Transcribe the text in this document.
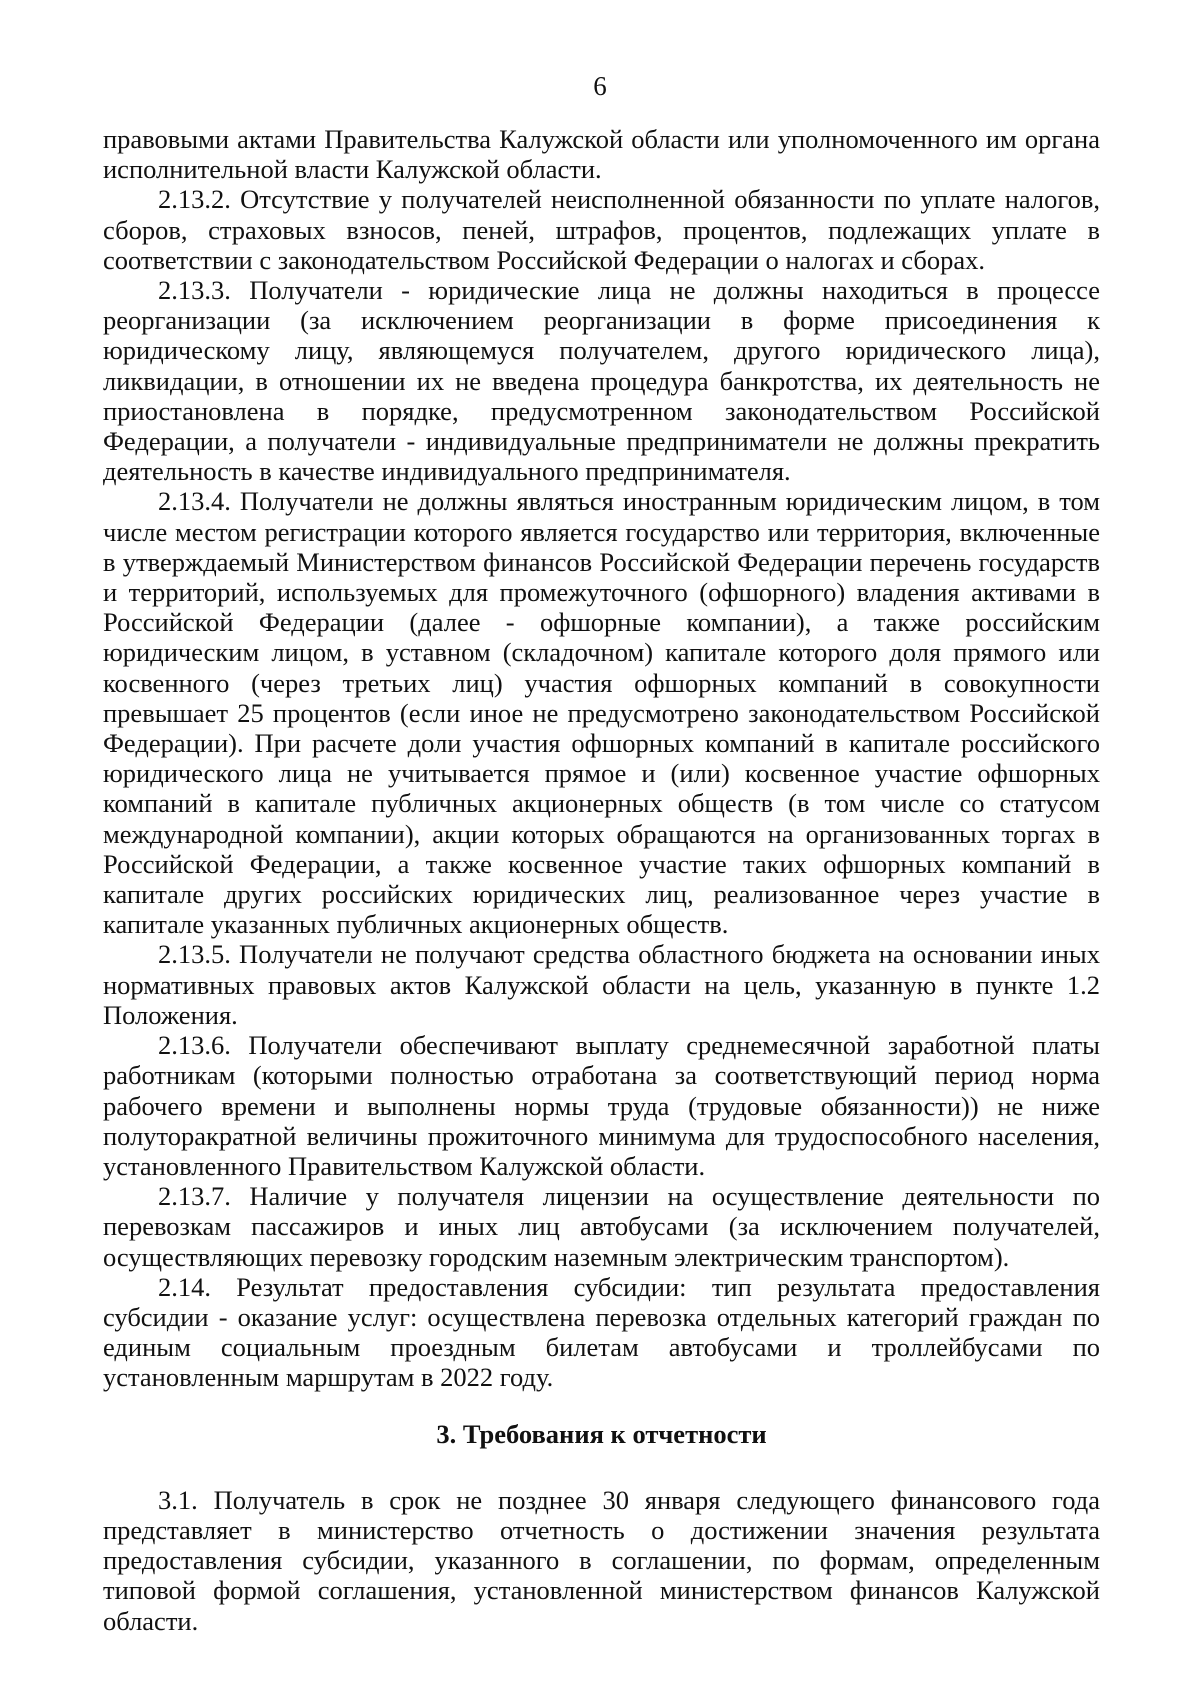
6

правовыми актами Правительства Калужской области или уполномоченного им органа исполнительной власти Калужской области.

2.13.2. Отсутствие у получателей неисполненной обязанности по уплате налогов, сборов, страховых взносов, пеней, штрафов, процентов, подлежащих уплате в соответствии с законодательством Российской Федерации о налогах и сборах.

2.13.3. Получатели - юридические лица не должны находиться в процессе реорганизации (за исключением реорганизации в форме присоединения к юридическому лицу, являющемуся получателем, другого юридического лица), ликвидации, в отношении их не введена процедура банкротства, их деятельность не приостановлена в порядке, предусмотренном законодательством Российской Федерации, а получатели - индивидуальные предприниматели не должны прекратить деятельность в качестве индивидуального предпринимателя.

2.13.4. Получатели не должны являться иностранным юридическим лицом, в том числе местом регистрации которого является государство или территория, включенные в утверждаемый Министерством финансов Российской Федерации перечень государств и территорий, используемых для промежуточного (офшорного) владения активами в Российской Федерации (далее - офшорные компании), а также российским юридическим лицом, в уставном (складочном) капитале которого доля прямого или косвенного (через третьих лиц) участия офшорных компаний в совокупности превышает 25 процентов (если иное не предусмотрено законодательством Российской Федерации). При расчете доли участия офшорных компаний в капитале российского юридического лица не учитывается прямое и (или) косвенное участие офшорных компаний в капитале публичных акционерных обществ (в том числе со статусом международной компании), акции которых обращаются на организованных торгах в Российской Федерации, а также косвенное участие таких офшорных компаний в капитале других российских юридических лиц, реализованное через участие в капитале указанных публичных акционерных обществ.

2.13.5. Получатели не получают средства областного бюджета на основании иных нормативных правовых актов Калужской области на цель, указанную в пункте 1.2 Положения.

2.13.6. Получатели обеспечивают выплату среднемесячной заработной платы работникам (которыми полностью отработана за соответствующий период норма рабочего времени и выполнены нормы труда (трудовые обязанности)) не ниже полуторакратной величины прожиточного минимума для трудоспособного населения, установленного Правительством Калужской области.

2.13.7. Наличие у получателя лицензии на осуществление деятельности по перевозкам пассажиров и иных лиц автобусами (за исключением получателей, осуществляющих перевозку городским наземным электрическим транспортом).

2.14. Результат предоставления субсидии: тип результата предоставления субсидии - оказание услуг: осуществлена перевозка отдельных категорий граждан по единым социальным проездным билетам автобусами и троллейбусами по установленным маршрутам в 2022 году.

3. Требования к отчетности

3.1. Получатель в срок не позднее 30 января следующего финансового года представляет в министерство отчетность о достижении значения результата предоставления субсидии, указанного в соглашении, по формам, определенным типовой формой соглашения, установленной министерством финансов Калужской области.
